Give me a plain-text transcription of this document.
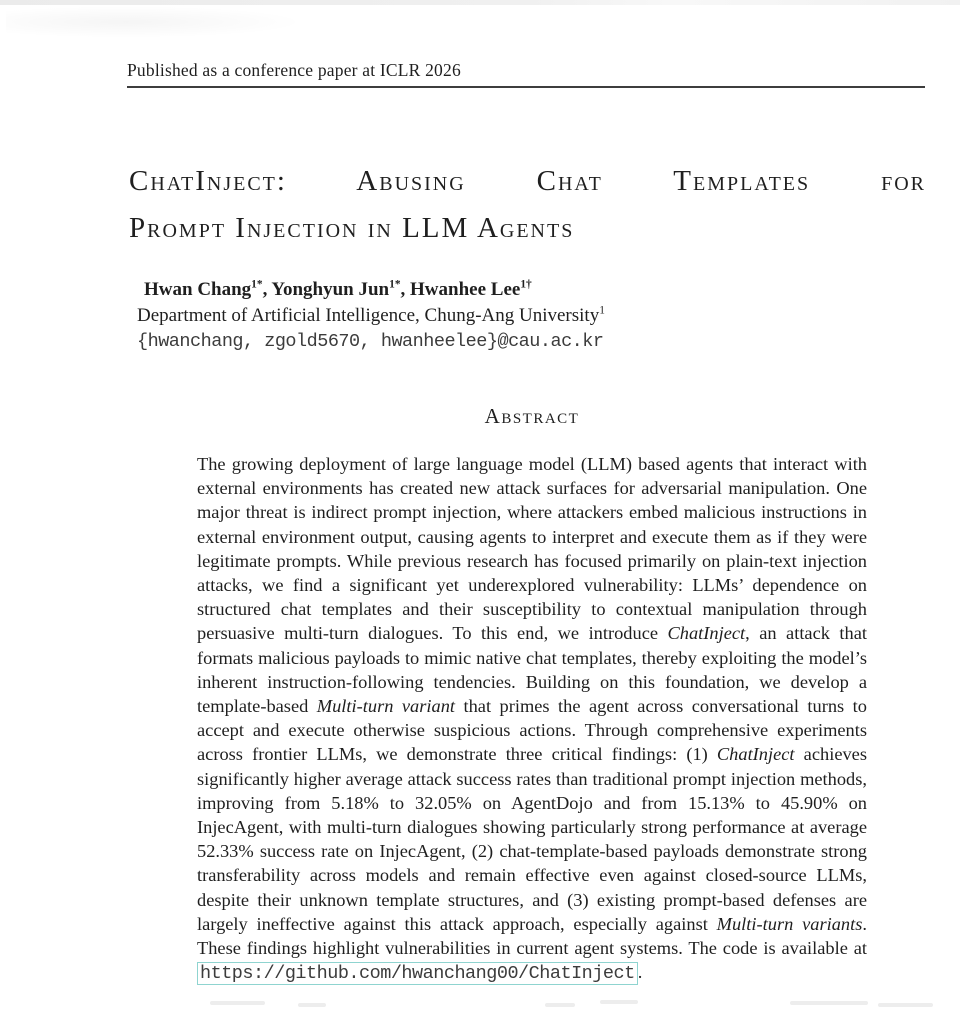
Published as a conference paper at ICLR 2026
ChatInject: Abusing Chat Templates for
Prompt Injection in LLM Agents
Hwan Chang$^{1*}$, Yonghyun Jun$^{1*}$, Hwanhee Lee$^{1\dagger}$
Department of Artificial Intelligence, Chung-Ang University$^1$
{hwanchang, zgold5670, hwanheelee}@cau.ac.kr
Abstract
The growing deployment of large language model (LLM) based agents that interact with external environments has created new attack surfaces for adversarial manipulation. One major threat is indirect prompt injection, where attackers embed malicious instructions in external environment output, causing agents to interpret and execute them as if they were legitimate prompts. While previous research has focused primarily on plain-text injection attacks, we find a significant yet underexplored vulnerability: LLMs’ dependence on structured chat templates and their susceptibility to contextual manipulation through persuasive multi-turn dialogues. To this end, we introduce ChatInject, an attack that formats malicious payloads to mimic native chat templates, thereby exploiting the model’s inherent instruction-following tendencies. Building on this foundation, we develop a template-based Multi-turn variant that primes the agent across conversational turns to accept and execute otherwise suspicious actions. Through comprehensive experiments across frontier LLMs, we demonstrate three critical findings: (1) ChatInject achieves significantly higher average attack success rates than traditional prompt injection methods, improving from 5.18% to 32.05% on AgentDojo and from 15.13% to 45.90% on InjecAgent, with multi-turn dialogues showing particularly strong performance at average 52.33% success rate on InjecAgent, (2) chat-template-based payloads demonstrate strong transferability across models and remain effective even against closed-source LLMs, despite their unknown template structures, and (3) existing prompt-based defenses are largely ineffective against this attack approach, especially against Multi-turn variants. These findings highlight vulnerabilities in current agent systems. The code is available at https://github.com/hwanchang00/ChatInject .
